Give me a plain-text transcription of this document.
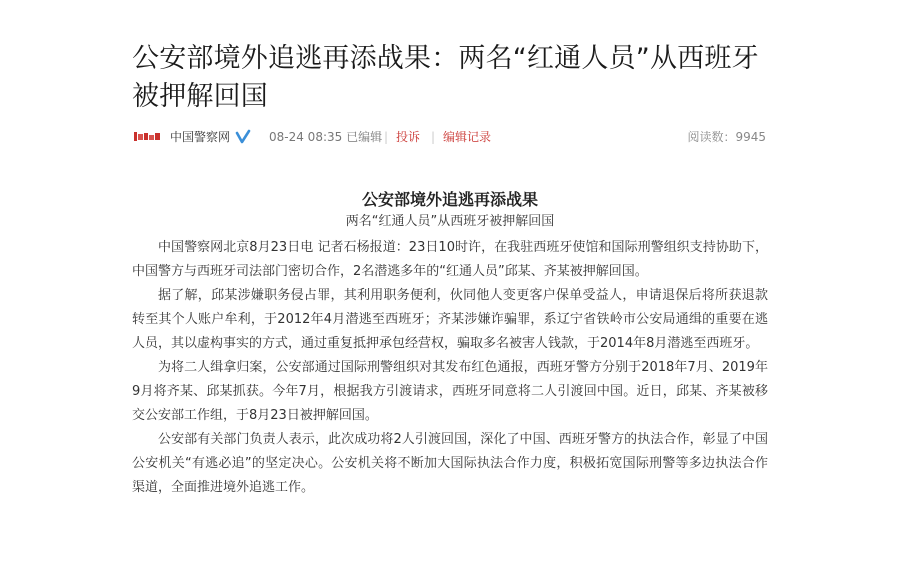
公安部境外追逃再添战果：两名“红通人员”从西班牙被押解回国
中国警察网	08-24 08:35 已编辑 | 投诉 | 编辑记录	阅读数：9945

公安部境外追逃再添战果

两名“红通人员”从西班牙被押解回国

中国警察网北京8月23日电 记者石杨报道：23日10时许，在我驻西班牙使馆和国际刑警组织支持协助下，中国警方与西班牙司法部门密切合作，2名潜逃多年的“红通人员”邱某、齐某被押解回国。

据了解，邱某涉嫌职务侵占罪，其利用职务便利，伙同他人变更客户保单受益人，申请退保后将所获退款转至其个人账户牟利，于2012年4月潜逃至西班牙；齐某涉嫌诈骗罪，系辽宁省铁岭市公安局通缉的重要在逃人员，其以虚构事实的方式，通过重复抵押承包经营权，骗取多名被害人钱款，于2014年8月潜逃至西班牙。

为将二人缉拿归案，公安部通过国际刑警组织对其发布红色通报，西班牙警方分别于2018年7月、2019年9月将齐某、邱某抓获。今年7月，根据我方引渡请求，西班牙同意将二人引渡回中国。近日，邱某、齐某被移交公安部工作组，于8月23日被押解回国。

公安部有关部门负责人表示，此次成功将2人引渡回国，深化了中国、西班牙警方的执法合作，彰显了中国公安机关“有逃必追”的坚定决心。公安机关将不断加大国际执法合作力度，积极拓宽国际刑警等多边执法合作渠道，全面推进境外追逃工作。
